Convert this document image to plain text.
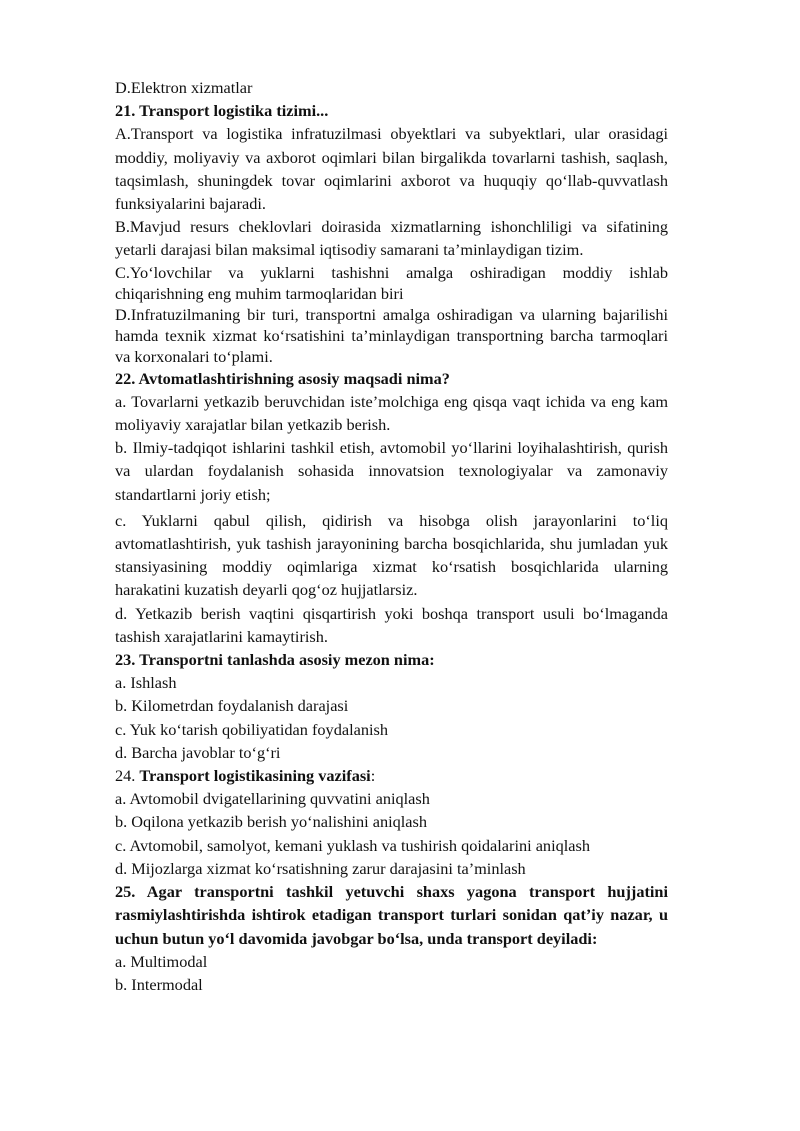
D.Elektron xizmatlar

21. Transport logistika tizimi...

A.Transport va logistika infratuzilmasi obyektlari va subyektlari, ular orasidagi moddiy, moliyaviy va axborot oqimlari bilan birgalikda tovarlarni tashish, saqlash, taqsimlash, shuningdek tovar oqimlarini axborot va huquqiy qo‘llab-quvvatlash funksiyalarini bajaradi.

B.Mavjud resurs cheklovlari doirasida xizmatlarning ishonchliligi va sifatining yetarli darajasi bilan maksimal iqtisodiy samarani ta’minlaydigan tizim.

C.Yo‘lovchilar va yuklarni tashishni amalga oshiradigan moddiy ishlab chiqarishning eng muhim tarmoqlaridan biri

D.Infratuzilmaning bir turi, transportni amalga oshiradigan va ularning bajarilishi hamda texnik xizmat ko‘rsatishini ta’minlaydigan transportning barcha tarmoqlari va korxonalari to‘plami.

22. Avtomatlashtirishning asosiy maqsadi nima?

a. Tovarlarni yetkazib beruvchidan iste’molchiga eng qisqa vaqt ichida va eng kam moliyaviy xarajatlar bilan yetkazib berish.

b. Ilmiy-tadqiqot ishlarini tashkil etish, avtomobil yo‘llarini loyihalashtirish, qurish va ulardan foydalanish sohasida innovatsion texnologiyalar va zamonaviy standartlarni joriy etish;

c. Yuklarni qabul qilish, qidirish va hisobga olish jarayonlarini to‘liq avtomatlashtirish, yuk tashish jarayonining barcha bosqichlarida, shu jumladan yuk stansiyasining moddiy oqimlariga xizmat ko‘rsatish bosqichlarida ularning harakatini kuzatish deyarli qog‘oz hujjatlarsiz.

d. Yetkazib berish vaqtini qisqartirish yoki boshqa transport usuli bo‘lmaganda tashish xarajatlarini kamaytirish.

23. Transportni tanlashda asosiy mezon nima:

a. Ishlash

b. Kilometrdan foydalanish darajasi

c. Yuk ko‘tarish qobiliyatidan foydalanish

d. Barcha javoblar to‘g‘ri

24. Transport logistikasining vazifasi:

a. Avtomobil dvigatellarining quvvatini aniqlash

b. Oqilona yetkazib berish yo‘nalishini aniqlash

c. Avtomobil, samolyot, kemani yuklash va tushirish qoidalarini aniqlash

d. Mijozlarga xizmat ko‘rsatishning zarur darajasini ta’minlash

25. Agar transportni tashkil yetuvchi shaxs yagona transport hujjatini rasmiylashtirishda ishtirok etadigan transport turlari sonidan qat’iy nazar, u uchun butun yo‘l davomida javobgar bo‘lsa, unda transport deyiladi:

a. Multimodal

b. Intermodal
